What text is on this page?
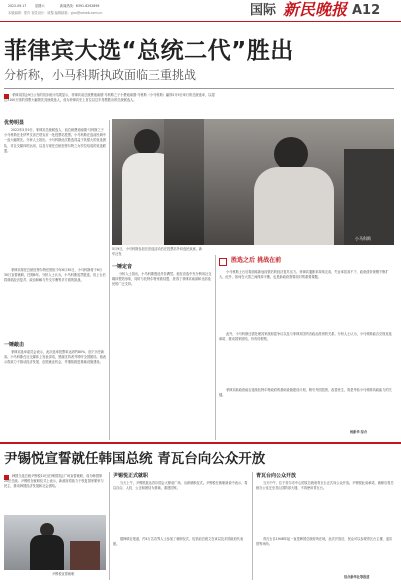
2022.09.17	星期六	新闻热线：6391-6292899
本版编辑：郑作 视觉设计：戚黎 编辑邮箱：yjzx@xmwb.com.cn	国际 新民晚报 A12
菲律宾大选“总统二代”胜出
分析称，小马科斯执政面临三重挑战
菲律宾国会9日公布的初步统计结果显示，菲律宾前总统费迪南德·马科斯之子小费迪南德·马科斯（小马科斯）赢得5月9日举行的总统选举，以超过3100万张的得票大幅领先其他候选人，成为菲律宾史上首位以过半得票胜出的总统候选人。
优势明显
2022年5月9日，菲律宾总统候选人、前总统费迪南德·马科斯之子小马科斯在北伊罗戈省巴塔克市一处投票站投票。小马科斯在选前民调中一直大幅领先。分析人士指出，小马科斯此次胜选得益于其强大的竞选团队、对社交媒体的运用，以及与现任总统杜特尔特之女莎拉结成的竞选联盟。
小马科斯
5月9日，小马科斯参加完竞选活动后在投票站外向选民致意。新华社发
一锤定音
分析人士指出，小马科斯胜选并非偶然。他在竞选中充分利用社交媒体塑造形象，同时与杜特尔特家族结盟，获得了菲律宾南部和北部选民的广泛支持。
菲律宾现任总统杜特尔特任期至今年6月30日，小马科斯将于6月30日宣誓就职，任期6年。分析人士认为，小马科斯虽然胜选，但上台后将面临经济复苏、政治和解与外交平衡等多方面的挑战。
一锤敲击
菲律宾选举委员会表示，此次选举投票率达到约80%，创下历史新高。小马科斯在社交媒体上发表讲话，感谢支持者并呼吁全国团结。他表示将致力于推动经济发展、创造就业机会，并继续推进基础设施建设。
胜选之后 挑战在前
小马科斯上台后将面临新冠疫情后的经济复苏压力。菲律宾通胀率持续走高，失业率居高不下，政府债务规模不断扩大。此外，如何在大国之间保持平衡，也是新政府需要面对的重要课题。
此外，小马科斯还需处理其家族财富争议以及与菲律宾国内各政治派别的关系。分析人士认为，小马科斯能否兑现竞选承诺、推动国家团结，仍有待观察。
菲律宾新政府能否延续杜特尔特政府的基础设施建设计划，吸引外国投资，改善民生，将是考验小马科斯执政能力的关键。
杨新华 综合
尹锡悦宣誓就任韩国总统 青瓦台向公众开放
韩国当选总统尹锡悦10日在韩国国会广场宣誓就职，成为韩国第20任总统。尹锡悦在就职仪式上表示，新政府将致力于恢复国家繁荣与民主，推动韩国经济发展和社会团结。
尹锡悦宣誓就职
尹锡悦正式就职
当天上午，尹锡悦抵达首尔国会大厦前广场，出席就职仪式。尹锡悦在就职演说中表示，将以自由、人权、公正和团结为基础，重建国家。
据韩联社报道，约4万名各界人士参加了就职仪式，包括前总统文在寅以及多国政府代表团。
青瓦台向公众开放
当天中午，位于首尔市中心的原总统府青瓦台正式向公众开放。尹锡悦此前承诺，就职后将总统办公室迁至龙山国防部大楼，不再使用青瓦台。
青瓦台自1948年起一直是韩国总统府所在地，此次开放后，民众可以参观青瓦台主楼、迎宾馆等场所。
综合新华社等报道
